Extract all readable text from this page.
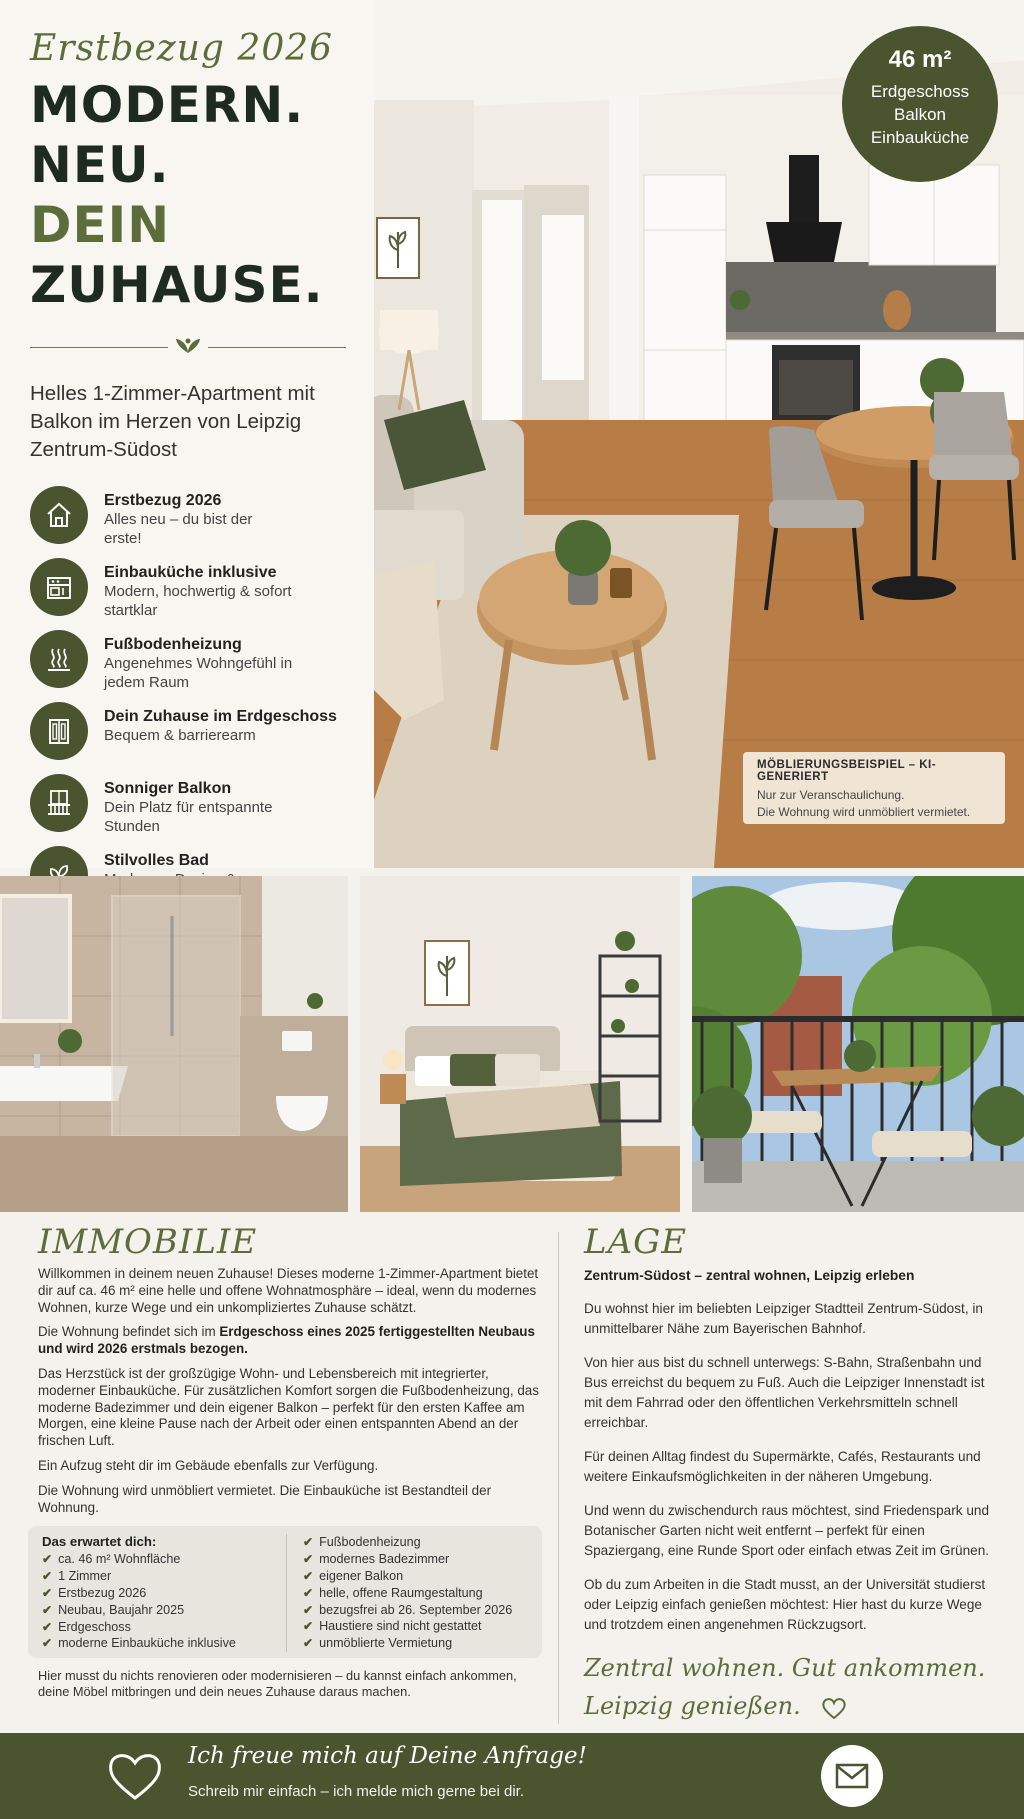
Erstbezug 2026
MODERN.
NEU.
DEIN ZUHAUSE.
Helles 1-Zimmer-Apartment mit Balkon im Herzen von Leipzig Zentrum-Südost
Erstbezug 2026
Alles neu – du bist der erste!
Einbauküche inklusive
Modern, hochwertig & sofort startklar
Fußbodenheizung
Angenehmes Wohngefühl in jedem Raum
Dein Zuhause im Erdgeschoss
Bequem & barrierearm
Sonniger Balkon
Dein Platz für entspannte Stunden
Stilvolles Bad
46 m²
Erdgeschoss
Balkon
Einbauküche
MÖBLIERUNGSBEISPIEL – KI-GENERIERT
Nur zur Veranschaulichung.
Die Wohnung wird unmöbliert vermietet.
IMMOBILIE

Willkommen in deinem neuen Zuhause! Dieses moderne 1-Zimmer-Apartment bietet dir auf ca. 46 m² eine helle und offene Wohnatmosphäre – ideal, wenn du modernes Wohnen, kurze Wege und ein unkompliziertes Zuhause schätzt.

Die Wohnung befindet sich im Erdgeschoss eines 2025 fertiggestellten Neubaus und wird 2026 erstmals bezogen.

Das Herzstück ist der großzügige Wohn- und Lebensbereich mit integrierter, moderner Einbauküche. Für zusätzlichen Komfort sorgen die Fußbodenheizung, das moderne Badezimmer und dein eigener Balkon – perfekt für den ersten Kaffee am Morgen, eine kleine Pause nach der Arbeit oder einen entspannten Abend an der frischen Luft.

Ein Aufzug steht dir im Gebäude ebenfalls zur Verfügung.

Die Wohnung wird unmöbliert vermietet. Die Einbauküche ist Bestandteil der Wohnung.

Das erwartet dich:
✔ ca. 46 m² Wohnfläche
✔ 1 Zimmer
✔ Erstbezug 2026
✔ Neubau, Baujahr 2025
✔ Erdgeschoss
✔ moderne Einbauküche inklusive
✔ Fußbodenheizung
✔ modernes Badezimmer
✔ eigener Balkon
✔ helle, offene Raumgestaltung
✔ bezugsfrei ab 26. September 2026
✔ Haustiere sind nicht gestattet
✔ unmöblierte Vermietung

Hier musst du nichts renovieren oder modernisieren – du kannst einfach ankommen, deine Möbel mitbringen und dein neues Zuhause daraus machen.

LAGE
Zentrum-Südost – zentral wohnen, Leipzig erleben

Du wohnst hier im beliebten Leipziger Stadtteil Zentrum-Südost, in unmittelbarer Nähe zum Bayerischen Bahnhof.

Von hier aus bist du schnell unterwegs: S-Bahn, Straßenbahn und Bus erreichst du bequem zu Fuß. Auch die Leipziger Innenstadt ist mit dem Fahrrad oder den öffentlichen Verkehrsmitteln schnell erreichbar.

Für deinen Alltag findest du Supermärkte, Cafés, Restaurants und weitere Einkaufsmöglichkeiten in der näheren Umgebung.

Und wenn du zwischendurch raus möchtest, sind Friedenspark und Botanischer Garten nicht weit entfernt – perfekt für einen Spaziergang, eine Runde Sport oder einfach etwas Zeit im Grünen.

Ob du zum Arbeiten in die Stadt musst, an der Universität studierst oder Leipzig einfach genießen möchtest: Hier hast du kurze Wege und trotzdem einen angenehmen Rückzugsort.

Zentral wohnen. Gut ankommen.
Leipzig genießen.
Ich freue mich auf Deine Anfrage!
Schreib mir einfach – ich melde mich gerne bei dir.
